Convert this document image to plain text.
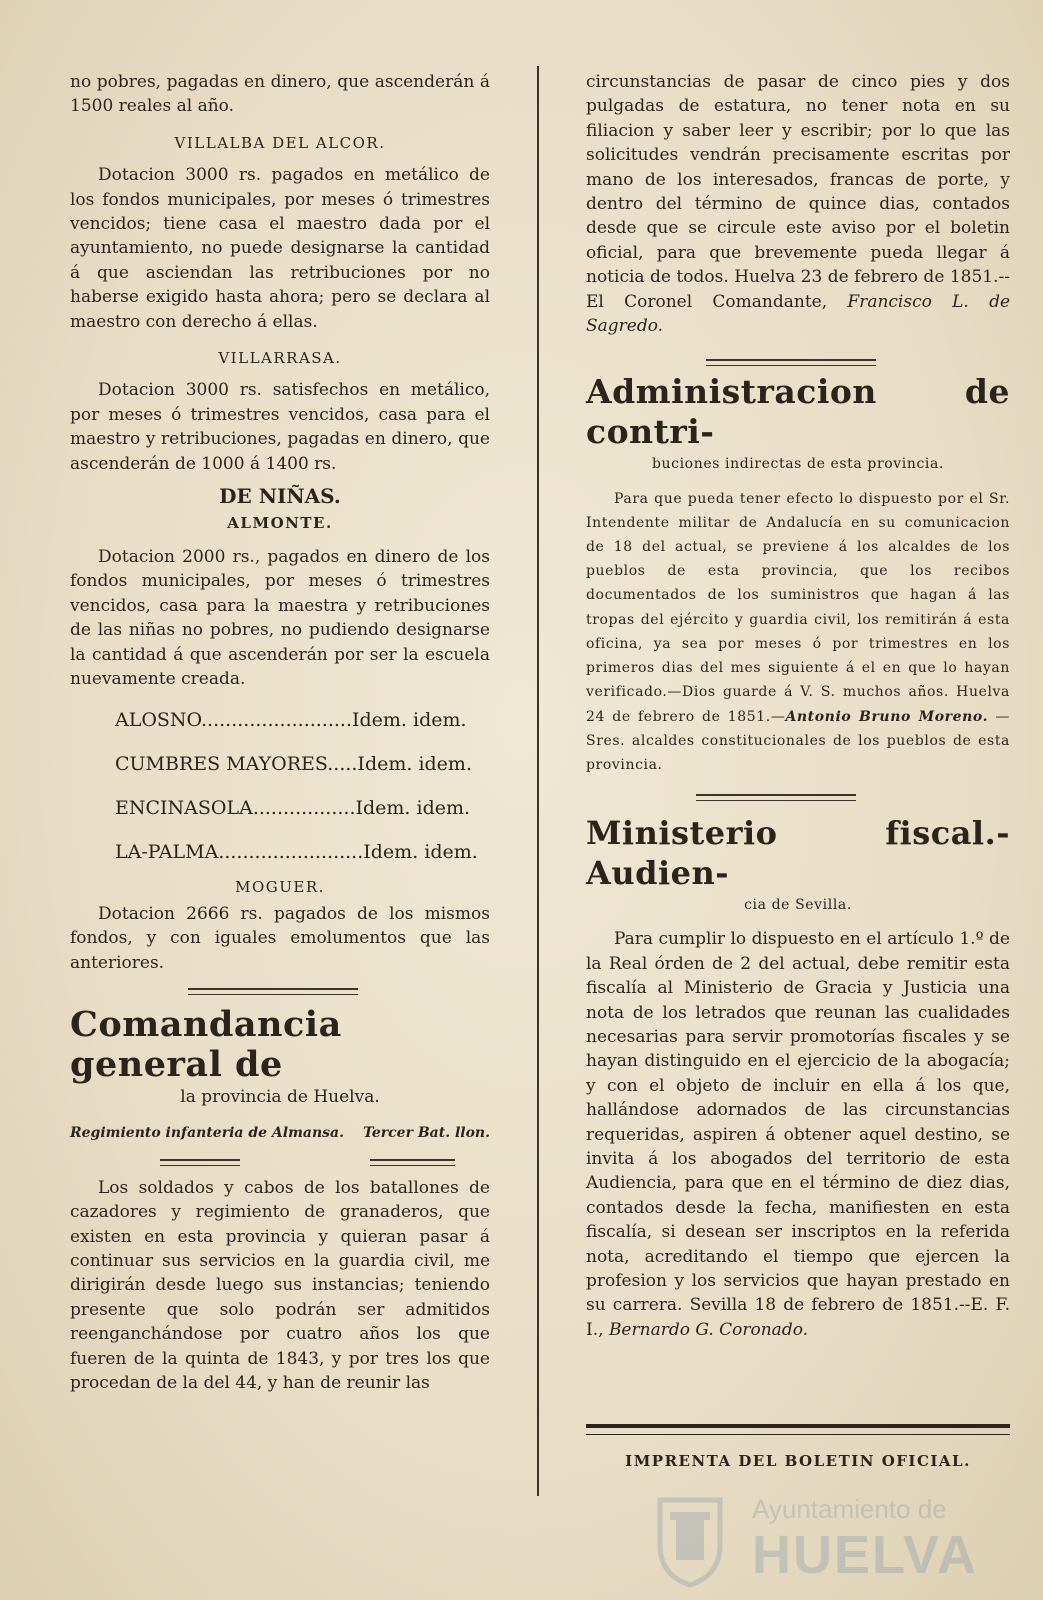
no pobres, pagadas en dinero, que ascenderán á 1500 reales al año.

VILLALBA DEL ALCOR.

Dotacion 3000 rs. pagados en metálico de los fondos municipales, por meses ó trimestres vencidos; tiene casa el maestro dada por el ayuntamiento, no puede designarse la cantidad á que asciendan las retribuciones por no haberse exigido hasta ahora; pero se declara al maestro con derecho á ellas.

VILLARRASA.

Dotacion 3000 rs. satisfechos en metálico, por meses ó trimestres vencidos, casa para el maestro y retribuciones, pagadas en dinero, que ascenderán de 1000 á 1400 rs.

DE NIÑAS.
ALMONTE.

Dotacion 2000 rs., pagados en dinero de los fondos municipales, por meses ó trimestres vencidos, casa para la maestra y retribuciones de las niñas no pobres, no pudiendo designarse la cantidad á que ascenderán por ser la escuela nuevamente creada.

ALOSNO.........................Idem. idem.
CUMBRES MAYORES.....Idem. idem.
ENCINASOLA.................Idem. idem.
LA-PALMA........................Idem. idem.
MOGUER.

Dotacion 2666 rs. pagados de los mismos fondos, y con iguales emolumentos que las anteriores.

Comandancia general de

la provincia de Huelva.

Regimiento infanteria de Almansa. Tercer Bat. llon.

Los soldados y cabos de los batallones de cazadores y regimiento de granaderos, que existen en esta provincia y quieran pasar á continuar sus servicios en la guardia civil, me dirigirán desde luego sus instancias; teniendo presente que solo podrán ser admitidos reenganchándose por cuatro años los que fueren de la quinta de 1843, y por tres los que procedan de la del 44, y han de reunir las

circunstancias de pasar de cinco pies y dos pulgadas de estatura, no tener nota en su filiacion y saber leer y escribir; por lo que las solicitudes vendrán precisamente escritas por mano de los interesados, francas de porte, y dentro del término de quince dias, contados desde que se circule este aviso por el boletin oficial, para que brevemente pueda llegar á noticia de todos. Huelva 23 de febrero de 1851.--El Coronel Comandante, Francisco L. de Sagredo.

Administracion de contri-

buciones indirectas de esta provincia.

Para que pueda tener efecto lo dispuesto por el Sr. Intendente militar de Andalucía en su comunicacion de 18 del actual, se previene á los alcaldes de los pueblos de esta provincia, que los recibos documentados de los suministros que hagan á las tropas del ejército y guardia civil, los remitirán á esta oficina, ya sea por meses ó por trimestres en los primeros dias del mes siguiente á el en que lo hayan verificado.—Dios guarde á V. S. muchos años. Huelva 24 de febrero de 1851.—Antonio Bruno Moreno. —Sres. alcaldes constitucionales de los pueblos de esta provincia.

Ministerio fiscal.-Audien-

cia de Sevilla.

Para cumplir lo dispuesto en el artículo 1.º de la Real órden de 2 del actual, debe remitir esta fiscalía al Ministerio de Gracia y Justicia una nota de los letrados que reunan las cualidades necesarias para servir promotorías fiscales y se hayan distinguido en el ejercicio de la abogacía; y con el objeto de incluir en ella á los que, hallándose adornados de las circunstancias requeridas, aspiren á obtener aquel destino, se invita á los abogados del territorio de esta Audiencia, para que en el término de diez dias, contados desde la fecha, manifiesten en esta fiscalía, si desean ser inscriptos en la referida nota, acreditando el tiempo que ejercen la profesion y los servicios que hayan prestado en su carrera. Sevilla 18 de febrero de 1851.--E. F. I., Bernardo G. Coronado.

IMPRENTA DEL BOLETIN OFICIAL.
Ayuntamiento de
HUELVA
